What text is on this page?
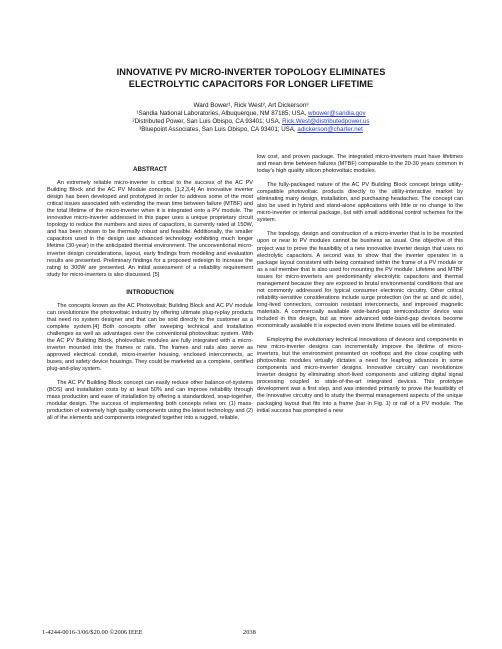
INNOVATIVE PV MICRO-INVERTER TOPOLOGY ELIMINATES
ELECTROLYTIC CAPACITORS FOR LONGER LIFETIME

Ward Bower¹, Rick West², Art Dickerson³
¹Sandia National Laboratories, Albuquerque, NM 87185; USA, wbower@sandia.gov
²Distributed Power, San Luis Obispo, CA 93401; USA, Rick.West@distributedpower.us
³Bluepoint Associates, San Luis Obispo, CA 93401; USA, adickerson@charter.net

ABSTRACT

An extremely reliable micro-inverter is critical to the success of the AC PV Building Block and the AC PV Module concepts. [1,2,3,4] An innovative inverter design has been developed and prototyped in order to address some of the most critical issues associated with extending the mean time between failure (MTBF) and the total lifetime of the micro-inverter when it is integrated onto a PV module. The innovative micro-inverter addressed in this paper uses a unique proprietary circuit topology to reduce the numbers and sizes of capacitors, is currently rated at 150W, and has been shown to be thermally robust and feasible. Additionally, the smaller capacitors used in the design use advanced technology exhibiting much longer lifetime (30-year) in the anticipated thermal environment. The unconventional micro-inverter design considerations, layout, early findings from modeling and evaluation results are presented. Preliminary findings for a proposed redesign to increase the rating to 300W are presented. An initial assessment of a reliability requirement study for micro-inverters is also discussed. [5]

INTRODUCTION

The concepts known as the AC Photovoltaic Building Block and AC PV module can revolutionize the photovoltaic industry by offering ultimate plug-n-play products that need no system designer and that can be sold directly to the customer as a complete system.[4] Both concepts offer sweeping technical and installation challenges as well as advantages over the conventional photovoltaic system. With the AC PV Building Block, photovoltaic modules are fully integrated with a micro-inverter mounted into the frames or rails. The frames and rails also serve as approved electrical conduit, micro-inverter housing, enclosed interconnects, ac buses, and safety device housings. They could be marketed as a complete, certified plug-and-play system.

The AC PV Building Block concept can easily reduce other balance-of-systems (BOS) and installation costs by at least 50% and can improve reliability through mass production and ease of installation by offering a standardized, snap-together, modular design. The success of implementing both concepts relies on: (1) mass-production of extremely high quality components using the latest technology and (2) all of the elements and components integrated together into a rugged, reliable,

low cost, and proven package. The integrated micro-inverters must have lifetimes and mean time between failures (MTBF) comparable to the 20-30 years common in today's high quality silicon photovoltaic modules.

The fully-packaged nature of the AC PV Building Block concept brings utility-compatible photovoltaic products directly to the utility-interactive market by eliminating many design, installation, and purchasing headaches. The concept can also be used in hybrid and stand-alone applications with little or no change to the micro-inverter or internal package, but with small additional control schemes for the system.

The topology, design and construction of a micro-inverter that is to be mounted upon or near to PV modules cannot be business as usual. One objective of this project was to prove the feasibility of a new innovative inverter design that uses no electrolytic capacitors. A second was to show that the inverter operates in a package layout consistent with being contained within the frame of a PV module or as a rail member that is also used for mounting the PV module. Lifetime and MTBF issues for micro-inverters are predominantly electrolytic capacitors and thermal management because they are exposed to brutal environmental conditions that are not commonly addressed for typical consumer electronic circuitry. Other critical reliability-sensitive considerations include surge protection (on the ac and dc side), long-lived connectors, corrosion resistant interconnects, and improved magnetic materials. A commercially available wide-band-gap semiconductor device was included in this design, but as more advanced wide-band-gap devices become economically available it is expected even more lifetime issues will be eliminated.

Employing the evolutionary technical innovations of devices and components in new micro-inverter designs can incrementally improve the lifetime of micro-inverters, but the environment presented on rooftops and the close coupling with photovoltaic modules virtually dictates a need for leapfrog advances in some components and micro-inverter designs. Innovative circuitry can revolutionize inverter designs by eliminating short-lived components and utilizing digital signal processing coupled to state-of-the-art integrated devices. This prototype development was a first step, and was intended primarily to prove the feasibility of the innovative circuitry and to study the thermal management aspects of the unique packaging layout that fits into a frame (bar in Fig. 1) or rail of a PV module. The initial success has prompted a new

1-4244-0016-3/06/$20.00 ©2006 IEEE	2038
